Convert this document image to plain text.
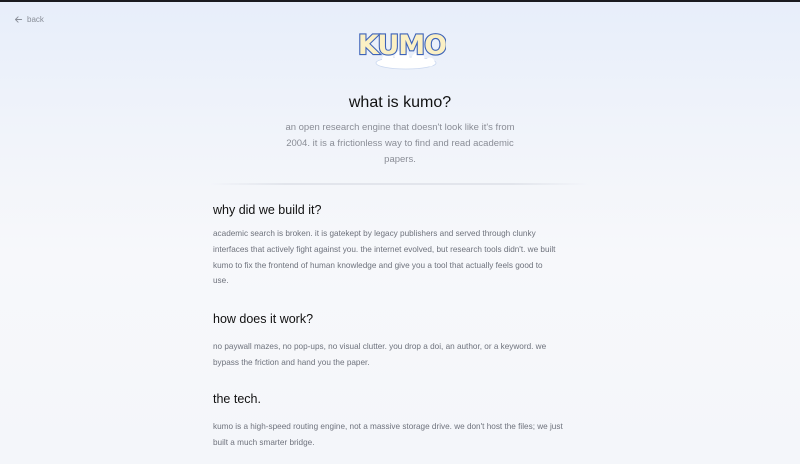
back
KUMO
what is kumo?
an open research engine that doesn't look like it's from
2004. it is a frictionless way to find and read academic
papers.
why did we build it?
academic search is broken. it is gatekept by legacy publishers and served through clunky
interfaces that actively fight against you. the internet evolved, but research tools didn't. we built
kumo to fix the frontend of human knowledge and give you a tool that actually feels good to
use.
how does it work?
no paywall mazes, no pop-ups, no visual clutter. you drop a doi, an author, or a keyword. we
bypass the friction and hand you the paper.
the tech.
kumo is a high-speed routing engine, not a massive storage drive. we don't host the files; we just
built a much smarter bridge.
